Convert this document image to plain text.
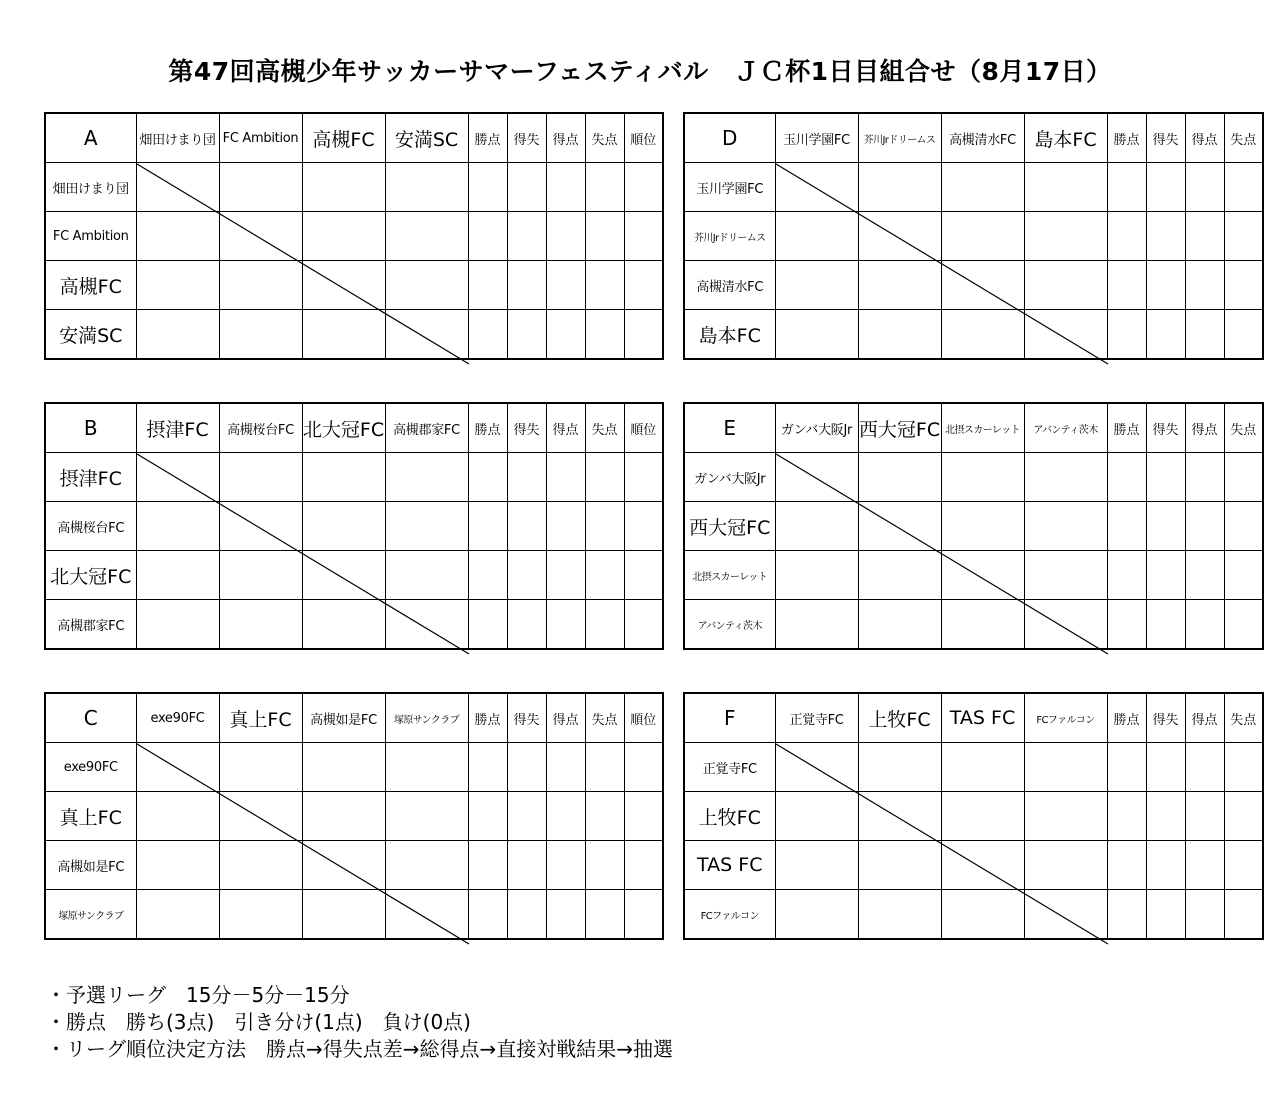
第47回高槻少年サッカーサマーフェスティバル　ＪＣ杯1日目組合せ（8月17日）
A	畑田けまり団	FC Ambition	高槻FC	安満SC	勝点	得失	得点	失点	順位
畑田けまり団									
FC Ambition									
高槻FC									
安満SC									
D	玉川学園FC	芥川Jrドリームス	高槻清水FC	島本FC	勝点	得失	得点	失点
玉川学園FC								
芥川Jrドリームス								
高槻清水FC								
島本FC								
B	摂津FC	高槻桜台FC	北大冠FC	高槻郡家FC	勝点	得失	得点	失点	順位
摂津FC									
高槻桜台FC									
北大冠FC									
高槻郡家FC									
E	ガンバ大阪Jr	西大冠FC	北摂スカーレット	アバンティ茨木	勝点	得失	得点	失点
ガンバ大阪Jr								
西大冠FC								
北摂スカーレット								
アバンティ茨木								
C	exe90FC	真上FC	高槻如是FC	塚原サンクラブ	勝点	得失	得点	失点	順位
exe90FC									
真上FC									
高槻如是FC									
塚原サンクラブ									
F	正覚寺FC	上牧FC	TAS FC	FCファルコン	勝点	得失	得点	失点
正覚寺FC								
上牧FC								
TAS FC								
FCファルコン								
・予選リーグ　15分－5分－15分
・勝点　勝ち(3点)　引き分け(1点)　負け(0点)
・リーグ順位決定方法　勝点→得失点差→総得点→直接対戦結果→抽選
